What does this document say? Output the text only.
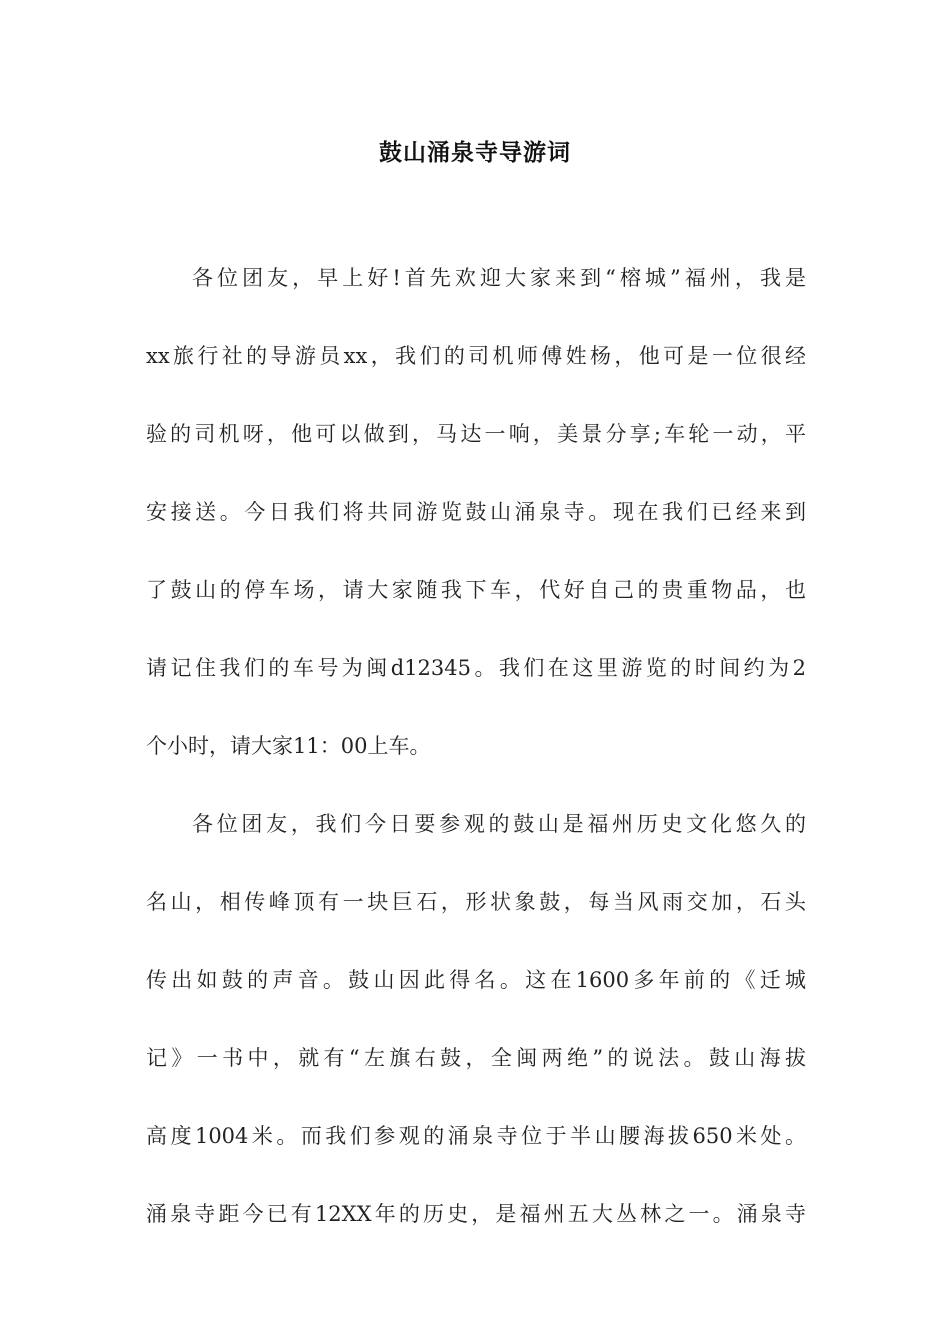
鼓山涌泉寺导游词
各位团友，早上好!首先欢迎大家来到“榕城”福州，我是
xx旅行社的导游员xx，我们的司机师傅姓杨，他可是一位很经
验的司机呀，他可以做到，马达一响，美景分享;车轮一动，平
安接送。今日我们将共同游览鼓山涌泉寺。现在我们已经来到
了鼓山的停车场，请大家随我下车，代好自己的贵重物品，也
请记住我们的车号为闽d12345。我们在这里游览的时间约为2
个小时，请大家11：00上车。
各位团友，我们今日要参观的鼓山是福州历史文化悠久的
名山，相传峰顶有一块巨石，形状象鼓，每当风雨交加，石头
传出如鼓的声音。鼓山因此得名。这在1600多年前的《迁城
记》一书中，就有“左旗右鼓，全闽两绝”的说法。鼓山海拔
高度1004米。而我们参观的涌泉寺位于半山腰海拔650米处。
涌泉寺距今已有12XX年的历史，是福州五大丛林之一。涌泉寺
